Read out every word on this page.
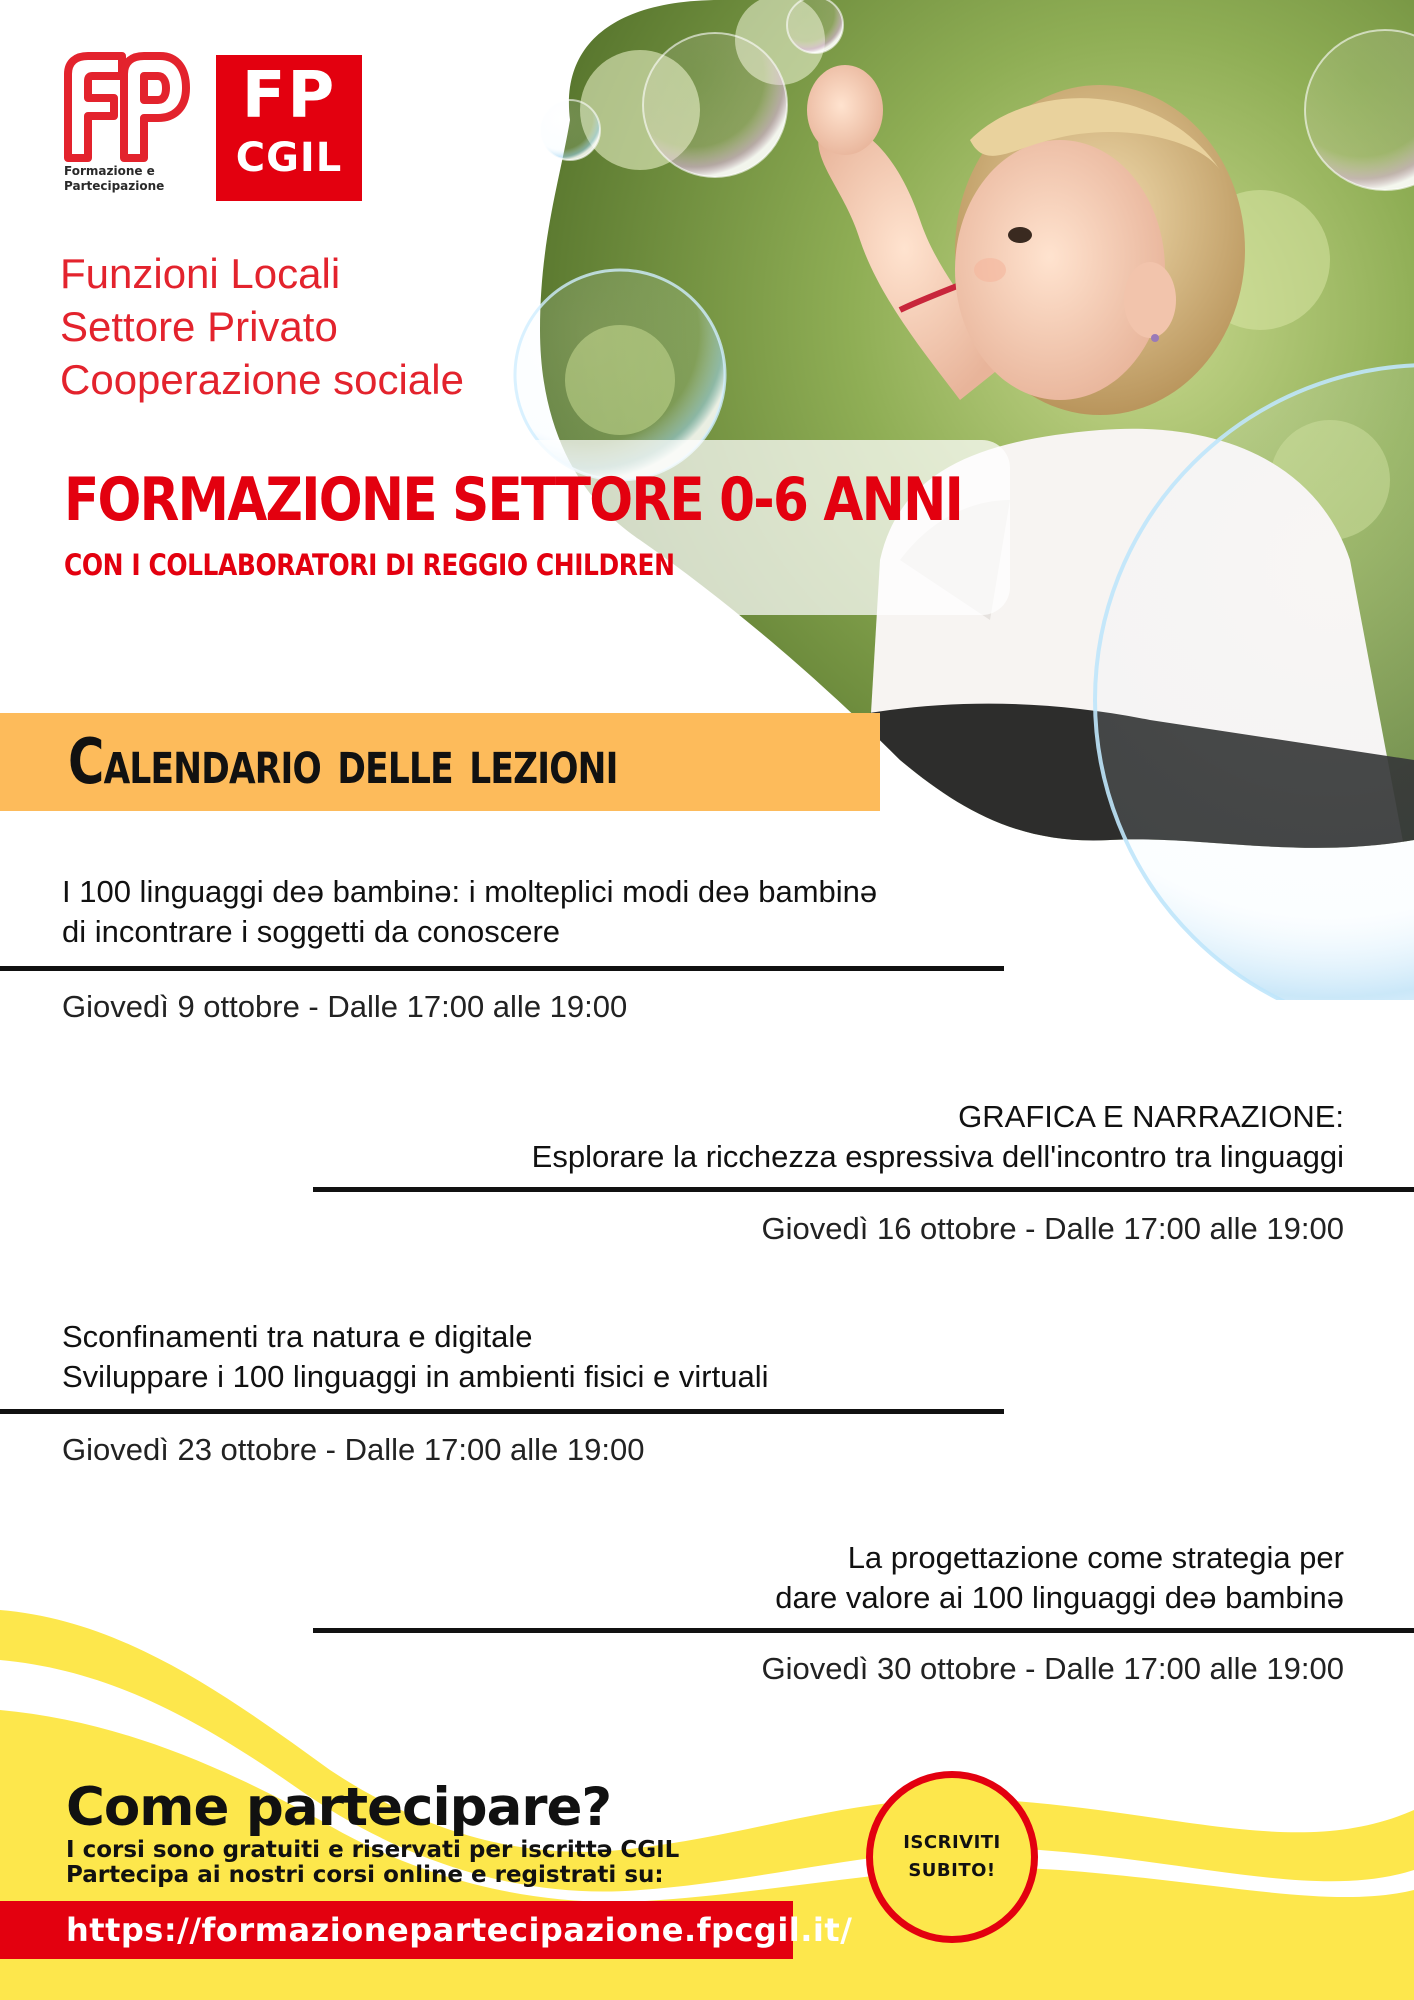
Formazione e
Partecipazione
FP
CGIL
Funzioni Locali
Settore Privato
Cooperazione sociale
FORMAZIONE SETTORE 0-6 ANNI
CON I COLLABORATORI DI REGGIO CHILDREN
Calendario delle lezioni
I 100 linguaggi deə bambinə: i molteplici modi deə bambinə
di incontrare i soggetti da conoscere
Giovedì 9 ottobre - Dalle 17:00 alle 19:00
GRAFICA E NARRAZIONE:
Esplorare la ricchezza espressiva dell'incontro tra linguaggi
Giovedì 16 ottobre - Dalle 17:00 alle 19:00
Sconfinamenti tra natura e digitale
Sviluppare i 100 linguaggi in ambienti fisici e virtuali
Giovedì 23 ottobre - Dalle 17:00 alle 19:00
La progettazione come strategia per
dare valore ai 100 linguaggi deə bambinə
Giovedì 30 ottobre - Dalle 17:00 alle 19:00
Come partecipare?
I corsi sono gratuiti e riservati per iscrittə CGIL
Partecipa ai nostri corsi online e registrati su:
https://formazionepartecipazione.fpcgil.it/
ISCRIVITI
SUBITO!
